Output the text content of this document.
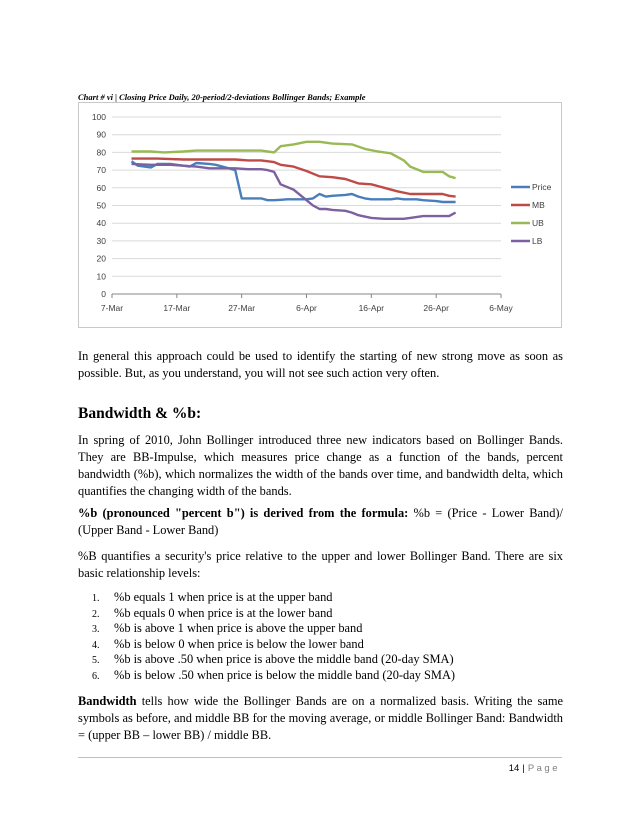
Chart # vi | Closing Price Daily, 20-period/2-deviations Bollinger Bands; Example
0
10
20
30
40
50
60
70
80
90
100
7-Mar	17-Mar	27-Mar	6-Apr	16-Apr	26-Apr	6-May
Price
MB
UB
LB

In general this approach could be used to identify the starting of new strong move as soon as possible. But, as you understand, you will not see such action very often.

Bandwidth & %b:

In spring of 2010, John Bollinger introduced three new indicators based on Bollinger Bands. They are BB-Impulse, which measures price change as a function of the bands, percent bandwidth (%b), which normalizes the width of the bands over time, and bandwidth delta, which quantifies the changing width of the bands.

%b (pronounced "percent b") is derived from the formula: %b = (Price - Lower Band)/ (Upper Band - Lower Band)

%B quantifies a security's price relative to the upper and lower Bollinger Band. There are six basic relationship levels:

1. %b equals 1 when price is at the upper band
2. %b equals 0 when price is at the lower band
3. %b is above 1 when price is above the upper band
4. %b is below 0 when price is below the lower band
5. %b is above .50 when price is above the middle band (20-day SMA)
6. %b is below .50 when price is below the middle band (20-day SMA)

Bandwidth tells how wide the Bollinger Bands are on a normalized basis. Writing the same symbols as before, and middle BB for the moving average, or middle Bollinger Band: Bandwidth = (upper BB – lower BB) / middle BB.

14 | Page
